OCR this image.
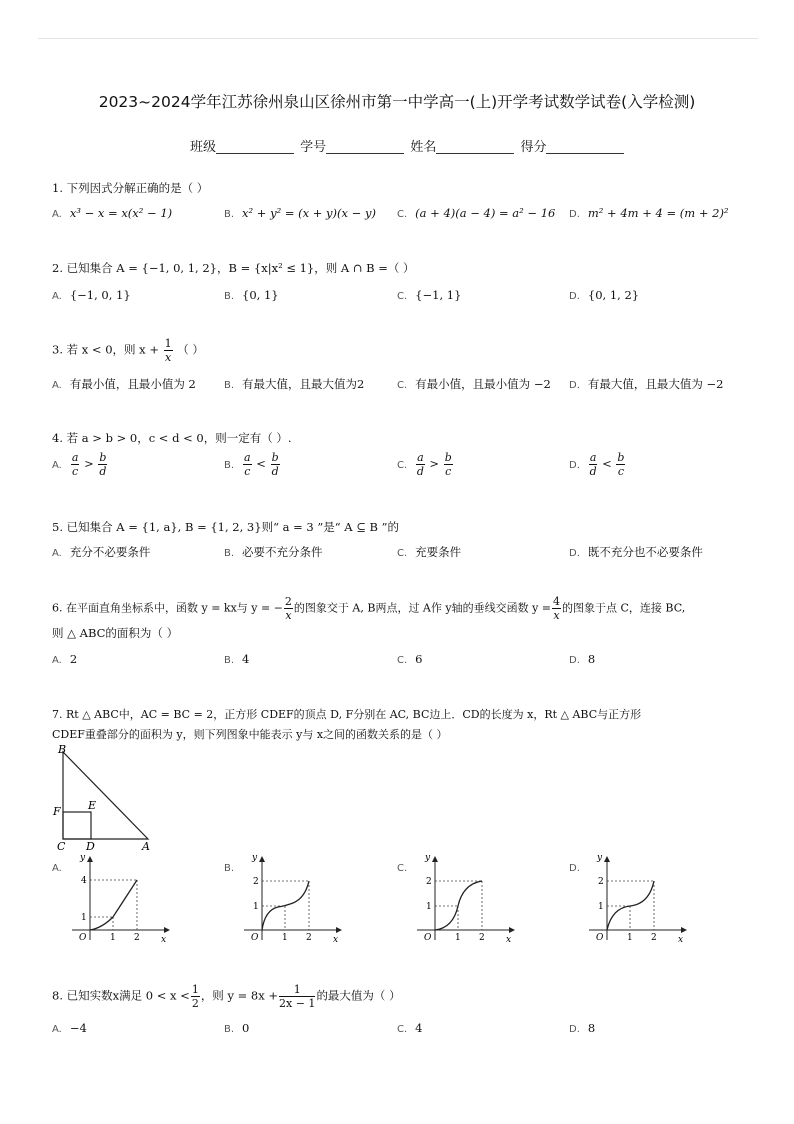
2023~2024学年江苏徐州泉山区徐州市第一中学高一(上)开学考试数学试卷(入学检测)
班级	学号	姓名	得分
1. 下列因式分解正确的是（ ）
A. x³ − x = x(x² − 1)	B. x² + y² = (x + y)(x − y) C. (a + 4)(a − 4) = a² − 16 D. m² + 4m + 4 = (m + 2)²
2. 已知集合 A = {−1, 0, 1, 2}，B = {x|x² ≤ 1}，则 A ∩ B =（ ）
A. {−1, 0, 1}	B. {0, 1}	C. {−1, 1}	D. {0, 1, 2}
3. 若 x < 0，则 $x + \frac{1}{x}$ （ ）
A. 有最小值，且最小值为 2	B. 有最大值，且最大值为2	C. 有最小值，且最小值为 −2 D. 有最大值，且最大值为 −2
4. 若 a > b > 0，c < d < 0，则一定有（ ）.
A. $\frac{a}{c} > \frac{b}{d}$	B. $\frac{a}{c} < \frac{b}{d}$	C. $\frac{a}{d} > \frac{b}{c}$	D. $\frac{a}{d} < \frac{b}{c}$
5. 已知集合 A = {1, a}, B = {1, 2, 3}则“ a = 3 ”是“ A ⊆ B ”的
A. 充分不必要条件	B. 必要不充分条件	C. 充要条件	D. 既不充分也不必要条件
6. 在平面直角坐标系中，函数 y = kx与 y = − $\frac{2}{x}$ 的图象交于 A, B两点，过 A作 y轴的垂线交函数 $y = \frac{4}{x}$ 的图象于点 C，连接 BC,
则 △ ABC的面积为（ ）
A. 2	B. 4	C. 6	D. 8
7. Rt △ ABC中，AC = BC = 2，正方形 CDEF的顶点 D, F分别在 AC, BC边上．CD的长度为 x，Rt △ ABC与正方形
CDEF重叠部分的面积为 y，则下列图象中能表示 y与 x之间的函数关系的是（ ）
B
F E
C D	A
A.	B.	C.	D.
y
x
O
4
1
1 2
y
x
O
2
1
1 2
y
x
O
2
1
1 2
y
x
O
2
1
1 2
8. 已知实数x满足 $0 < x < \frac{1}{2}$ ，则 $y = 8x + \frac{1}{2x - 1}$ 的最大值为（ ）
A. −4	B. 0	C. 4	D. 8
